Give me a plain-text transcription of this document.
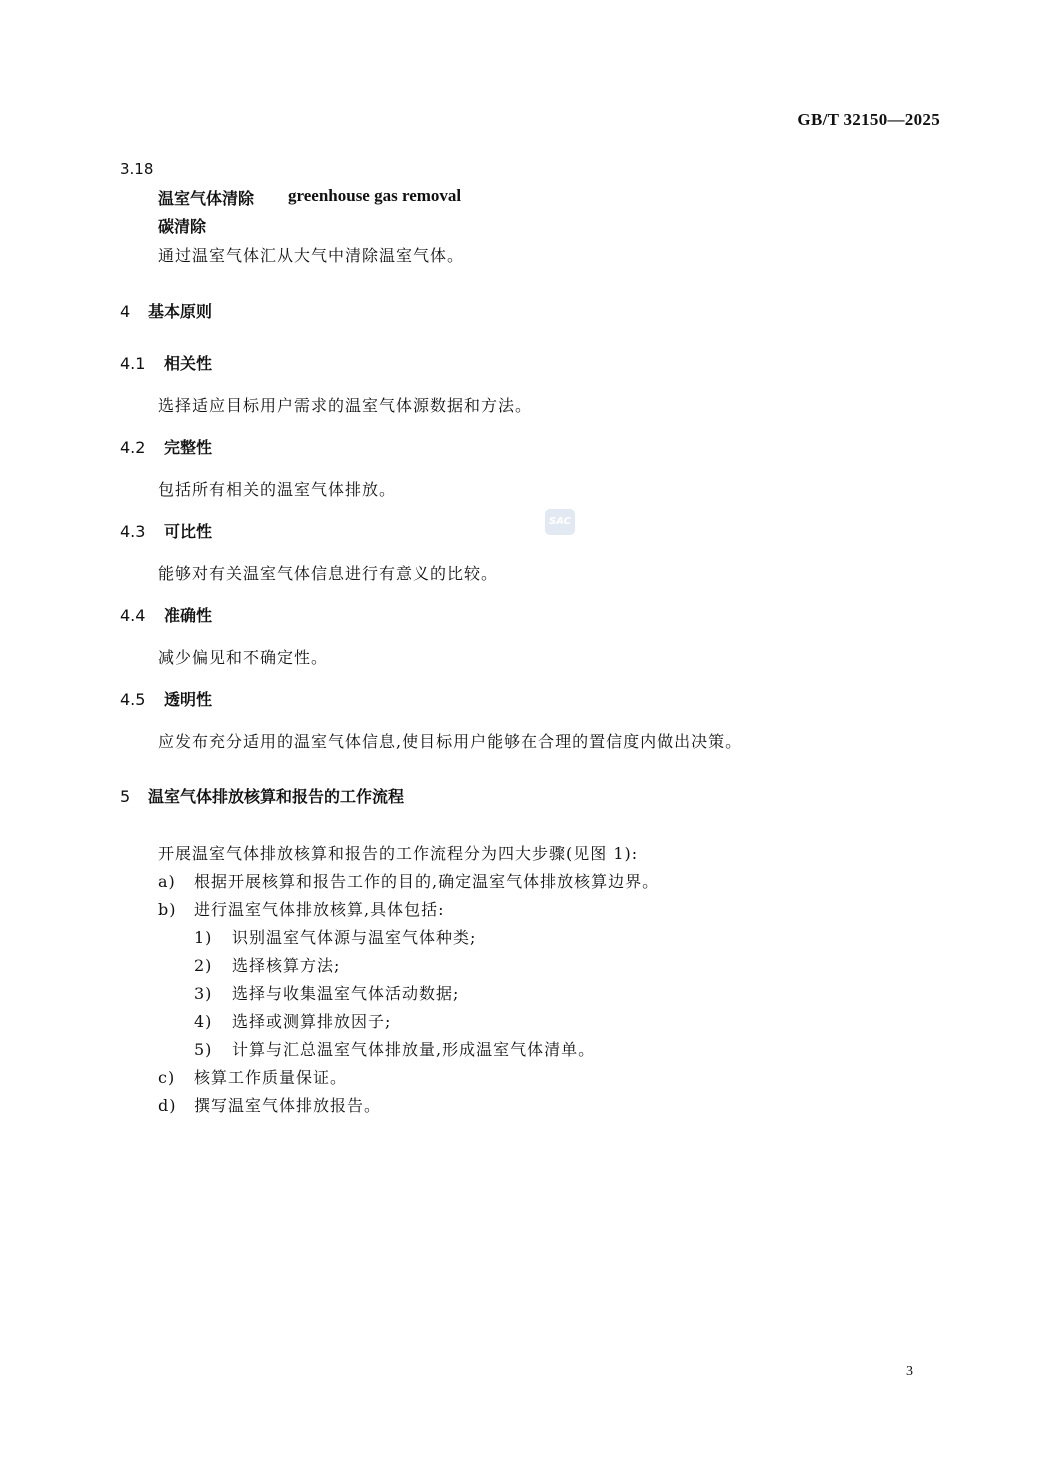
GB/T 32150—2025
3.18
温室气体清除 greenhouse gas removal
碳清除
通过温室气体汇从大气中清除温室气体。
4 基本原则
4.1 相关性
选择适应目标用户需求的温室气体源数据和方法。
4.2 完整性
包括所有相关的温室气体排放。
4.3 可比性
能够对有关温室气体信息进行有意义的比较。
4.4 准确性
减少偏见和不确定性。
4.5 透明性
应发布充分适用的温室气体信息,使目标用户能够在合理的置信度内做出决策。
5 温室气体排放核算和报告的工作流程
开展温室气体排放核算和报告的工作流程分为四大步骤(见图 1):
a) 根据开展核算和报告工作的目的,确定温室气体排放核算边界。
b) 进行温室气体排放核算,具体包括:
1) 识别温室气体源与温室气体种类;
2) 选择核算方法;
3) 选择与收集温室气体活动数据;
4) 选择或测算排放因子;
5) 计算与汇总温室气体排放量,形成温室气体清单。
c) 核算工作质量保证。
d) 撰写温室气体排放报告。
SAC
3
